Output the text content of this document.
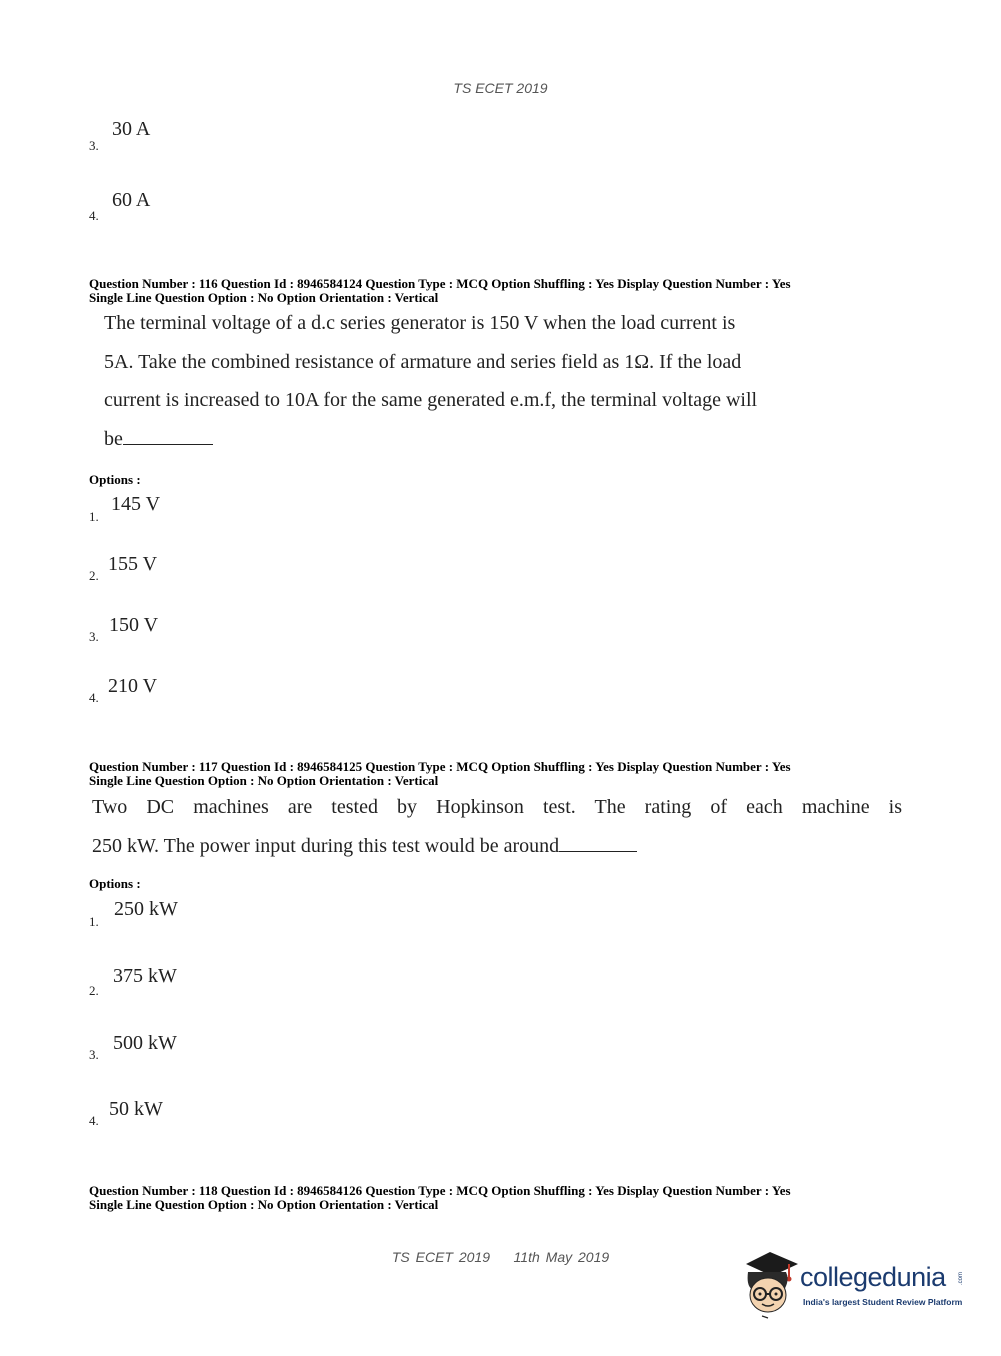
TS ECET 2019
3.
30 A
4.
60 A
Question Number : 116 Question Id : 8946584124 Question Type : MCQ Option Shuffling : Yes Display Question Number : Yes
Single Line Question Option : No Option Orientation : Vertical
The terminal voltage of a d.c series generator is 150 V when the load current is
5A. Take the combined resistance of armature and series field as 1Ω. If the load
current is increased to 10A for the same generated e.m.f, the terminal voltage will
be
Options :
1.
145 V
2.
155 V
3.
150 V
4.
210 V
Question Number : 117 Question Id : 8946584125 Question Type : MCQ Option Shuffling : Yes Display Question Number : Yes
Single Line Question Option : No Option Orientation : Vertical
Two DC machines are tested by Hopkinson test. The rating of each machine is
250 kW. The power input during this test would be around
Options :
1.
250 kW
2.
375 kW
3.
500 kW
4.
50 kW
Question Number : 118 Question Id : 8946584126 Question Type : MCQ Option Shuffling : Yes Display Question Number : Yes
Single Line Question Option : No Option Orientation : Vertical
TS ECET 2019    11th May 2019
collegedunia .com
India's largest Student Review Platform
